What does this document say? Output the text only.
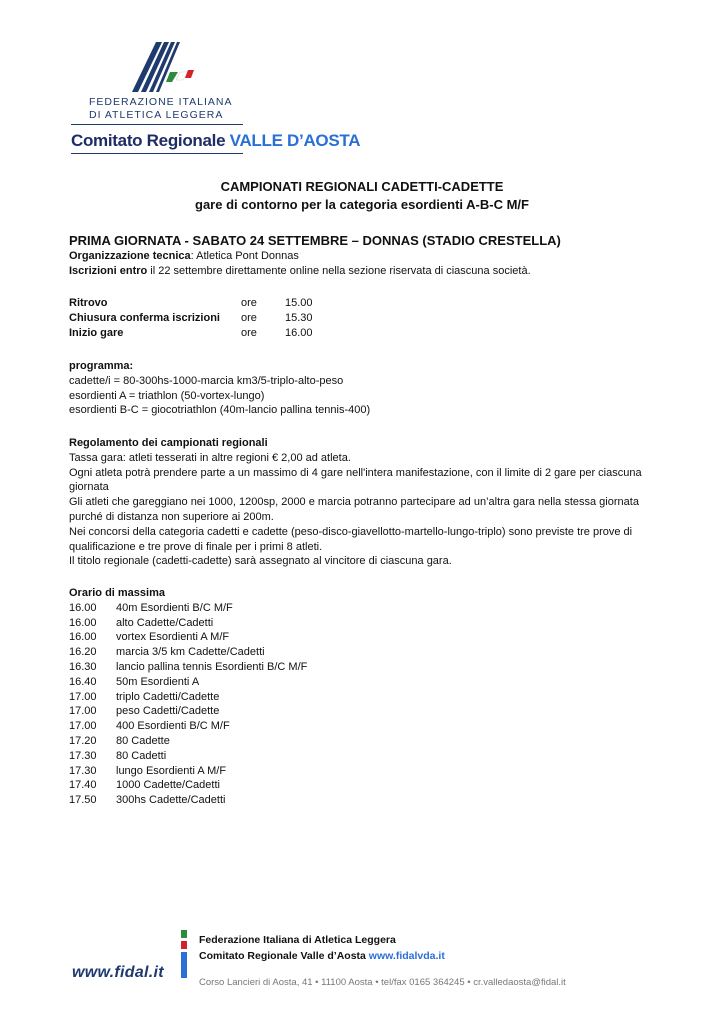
FEDERAZIONE ITALIANA
DI ATLETICA LEGGERA
Comitato Regionale VALLE D’AOSTA
CAMPIONATI REGIONALI CADETTI-CADETTE
gare di contorno per la categoria esordienti A-B-C M/F
PRIMA GIORNATA - SABATO 24 SETTEMBRE – DONNAS (STADIO CRESTELLA)
Organizzazione tecnica: Atletica Pont Donnas
Iscrizioni entro il 22 settembre direttamente online nella sezione riservata di ciascuna società.
Ritrovo	ore	15.00
Chiusura conferma iscrizioni	ore	15.30
Inizio gare	ore	16.00
programma:
cadette/i = 80-300hs-1000-marcia km3/5-triplo-alto-peso
esordienti A = triathlon (50-vortex-lungo)
esordienti B-C = giocotriathlon (40m-lancio pallina tennis-400)
Regolamento dei campionati regionali
Tassa gara: atleti tesserati in altre regioni € 2,00 ad atleta.
Ogni atleta potrà prendere parte a un massimo di 4 gare nell'intera manifestazione, con il limite di 2 gare per ciascuna
giornata
Gli atleti che gareggiano nei 1000, 1200sp, 2000 e marcia potranno partecipare ad un’altra gara nella stessa giornata
purché di distanza non superiore ai 200m.
Nei concorsi della categoria cadetti e cadette (peso-disco-giavellotto-martello-lungo-triplo) sono previste tre prove di
qualificazione e tre prove di finale per i primi 8 atleti.
Il titolo regionale (cadetti-cadette) sarà assegnato al vincitore di ciascuna gara.
Orario di massima
16.00	40m Esordienti B/C M/F
16.00	alto Cadette/Cadetti
16.00	vortex Esordienti A M/F
16.20	marcia 3/5 km Cadette/Cadetti
16.30	lancio pallina tennis Esordienti B/C M/F
16.40	50m Esordienti A
17.00	triplo Cadetti/Cadette
17.00	peso Cadetti/Cadette
17.00	400 Esordienti B/C M/F
17.20	80 Cadette
17.30	80 Cadetti
17.30	lungo Esordienti A M/F
17.40	1000 Cadette/Cadetti
17.50	300hs Cadette/Cadetti
www.fidal.it
Federazione Italiana di Atletica Leggera
Comitato Regionale Valle d’Aosta www.fidalvda.it
Corso Lancieri di Aosta, 41 • 11100 Aosta • tel/fax 0165 364245 • cr.valledaosta@fidal.it
